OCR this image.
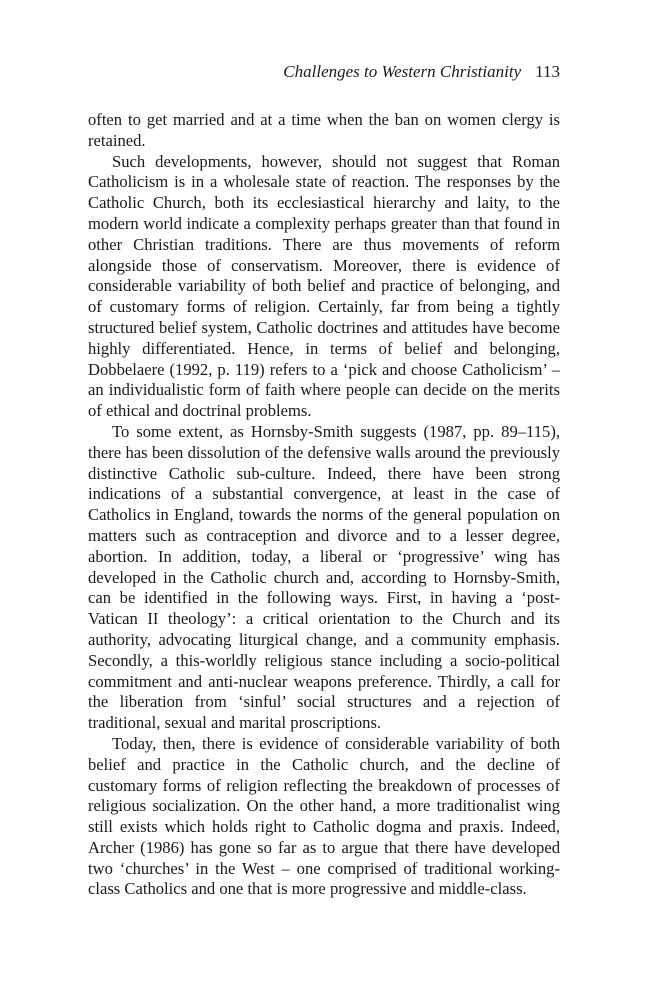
Challenges to Western Christianity 113

often to get married and at a time when the ban on women clergy is retained.

Such developments, however, should not suggest that Roman Catholicism is in a wholesale state of reaction. The responses by the Catholic Church, both its ecclesiastical hierarchy and laity, to the modern world indicate a complexity perhaps greater than that found in other Christian traditions. There are thus movements of reform alongside those of conservatism. Moreover, there is evidence of considerable variability of both belief and practice of belonging, and of customary forms of religion. Certainly, far from being a tightly structured belief system, Catholic doctrines and attitudes have become highly differentiated. Hence, in terms of belief and belonging, Dobbelaere (1992, p. 119) refers to a ‘pick and choose Catholicism’ – an individualistic form of faith where people can decide on the merits of ethical and doctrinal problems.

To some extent, as Hornsby-Smith suggests (1987, pp. 89–115), there has been dissolution of the defensive walls around the previously distinctive Catholic sub-culture. Indeed, there have been strong indications of a substantial convergence, at least in the case of Catholics in England, towards the norms of the general population on matters such as contraception and divorce and to a lesser degree, abortion. In addition, today, a liberal or ‘progressive’ wing has developed in the Catholic church and, according to Hornsby-Smith, can be identified in the following ways. First, in having a ‘post-Vatican II theology’: a critical orientation to the Church and its authority, advocating liturgical change, and a community emphasis. Secondly, a this-worldly religious stance including a socio-political commitment and anti-nuclear weapons preference. Thirdly, a call for the liberation from ‘sinful’ social structures and a rejection of traditional, sexual and marital proscriptions.

Today, then, there is evidence of considerable variability of both belief and practice in the Catholic church, and the decline of customary forms of religion reflecting the breakdown of processes of religious socialization. On the other hand, a more traditionalist wing still exists which holds right to Catholic dogma and praxis. Indeed, Archer (1986) has gone so far as to argue that there have developed two ‘churches’ in the West – one comprised of traditional working-class Catholics and one that is more progressive and middle-class.
